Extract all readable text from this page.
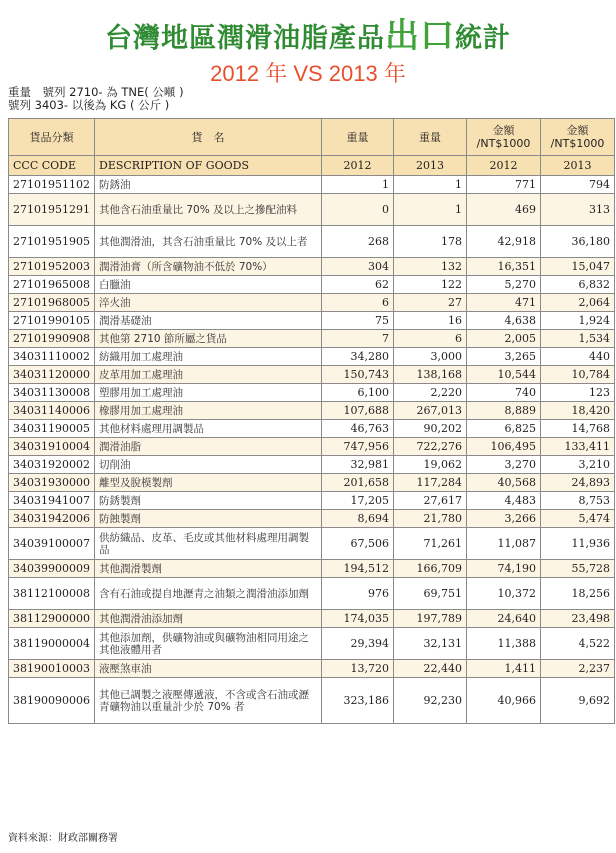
台灣地區潤滑油脂產品出口統計
2012 年 VS 2013 年
重量　號列 2710- 為 TNE( 公噸 )
號列 3403- 以後為 KG ( 公斤 )
貨品分類	貨　名	重量	重量	金額 /NT$1000	金額 /NT$1000
CCC CODE	DESCRIPTION OF GOODS	2012	2013	2012	2013
27101951102	防銹油	1	1	771	794
27101951291	其他含石油重量比 70% 及以上之摻配油料	0	1	469	313
27101951905	其他潤滑油，其含石油重量比 70% 及以上者	268	178	42,918	36,180
27101952003	潤滑油膏（所含礦物油不低於 70%）	304	132	16,351	15,047
27101965008	白臘油	62	122	5,270	6,832
27101968005	淬火油	6	27	471	2,064
27101990105	潤滑基礎油	75	16	4,638	1,924
27101990908	其他第 2710 節所屬之貨品	7	6	2,005	1,534
34031110002	紡織用加工處理油	34,280	3,000	3,265	440
34031120000	皮革用加工處理油	150,743	138,168	10,544	10,784
34031130008	塑膠用加工處理油	6,100	2,220	740	123
34031140006	橡膠用加工處理油	107,688	267,013	8,889	18,420
34031190005	其他材料處理用調製品	46,763	90,202	6,825	14,768
34031910004	潤滑油脂	747,956	722,276	106,495	133,411
34031920002	切削油	32,981	19,062	3,270	3,210
34031930000	離型及脫模製劑	201,658	117,284	40,568	24,893
34031941007	防銹製劑	17,205	27,617	4,483	8,753
34031942006	防蝕製劑	8,694	21,780	3,266	5,474
34039100007	供紡織品、皮革、毛皮或其他材料處理用調製品	67,506	71,261	11,087	11,936
34039900009	其他潤滑製劑	194,512	166,709	74,190	55,728
38112100008	含有石油或提自地瀝青之油類之潤滑油添加劑	976	69,751	10,372	18,256
38112900000	其他潤滑油添加劑	174,035	197,789	24,640	23,498
38119000004	其他添加劑，供礦物油或與礦物油相同用途之其他液體用者	29,394	32,131	11,388	4,522
38190010003	液壓煞車油	13,720	22,440	1,411	2,237
38190090006	其他已調製之液壓傳遞液，不含或含石油或瀝青礦物油以重量計少於 70% 者	323,186	92,230	40,966	9,692
資料來源：財政部關務署
